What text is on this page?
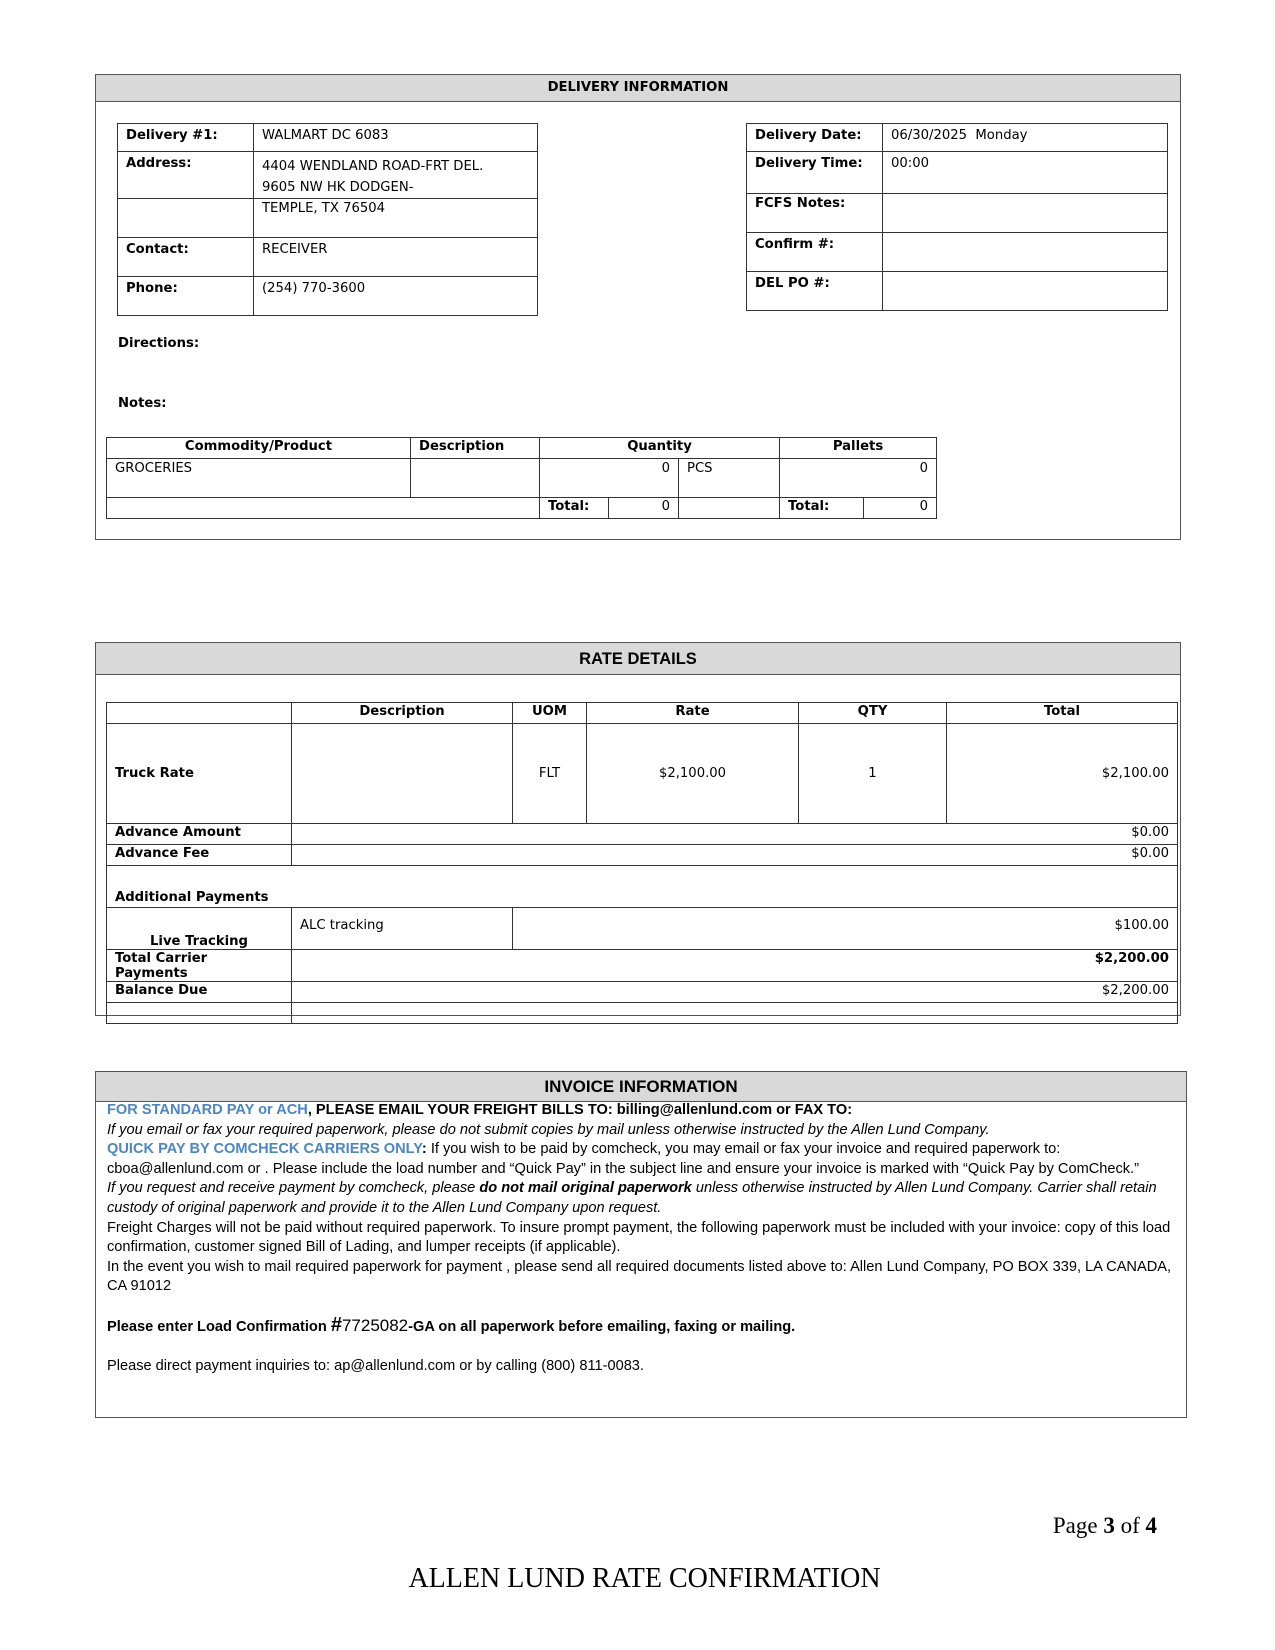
DELIVERY INFORMATION
Delivery #1:	WALMART DC 6083
Address:	4404 WENDLAND ROAD-FRT DEL.
9605 NW HK DODGEN-

	TEMPLE, TX 76504
Contact:	RECEIVER
Phone:	(254) 770-3600
Delivery Date:	06/30/2025  Monday
Delivery Time:	00:00
FCFS Notes:	
Confirm #:	
DEL PO #:	
Directions:
Notes:
Commodity/Product	Description	Quantity			Pallets	
GROCERIES		0		PCS	0	
		Total:	0		Total:	0
RATE DETAILS
	Description	UOM	Rate	QTY	Total
Truck Rate		FLT	$2,100.00	1	$2,100.00
Advance Amount	$0.00				
Advance Fee	$0.00				
Additional Payments					
Live Tracking	ALC tracking	$100.00			
Total Carrier Payments	$2,200.00				
Balance Due	$2,200.00				

INVOICE INFORMATION
FOR STANDARD PAY or ACH, PLEASE EMAIL YOUR FREIGHT BILLS TO: billing@allenlund.com or FAX TO:
If you email or fax your required paperwork, please do not submit copies by mail unless otherwise instructed by the Allen Lund Company.
QUICK PAY BY COMCHECK CARRIERS ONLY: If you wish to be paid by comcheck, you may email or fax your invoice and required paperwork to: cboa@allenlund.com or . Please include the load number and “Quick Pay” in the subject line and ensure your invoice is marked with “Quick Pay by ComCheck.”
If you request and receive payment by comcheck, please do not mail original paperwork unless otherwise instructed by Allen Lund Company. Carrier shall retain custody of original paperwork and provide it to the Allen Lund Company upon request.
Freight Charges will not be paid without required paperwork. To insure prompt payment, the following paperwork must be included with your invoice: copy of this load confirmation, customer signed Bill of Lading, and lumper receipts (if applicable).
In the event you wish to mail required paperwork for payment , please send all required documents listed above to: Allen Lund Company, PO BOX 339, LA CANADA, CA 91012
Please enter Load Confirmation #7725082-GA on all paperwork before emailing, faxing or mailing.
Please direct payment inquiries to: ap@allenlund.com or by calling (800) 811-0083.
Page 3 of 4
ALLEN LUND RATE CONFIRMATION
